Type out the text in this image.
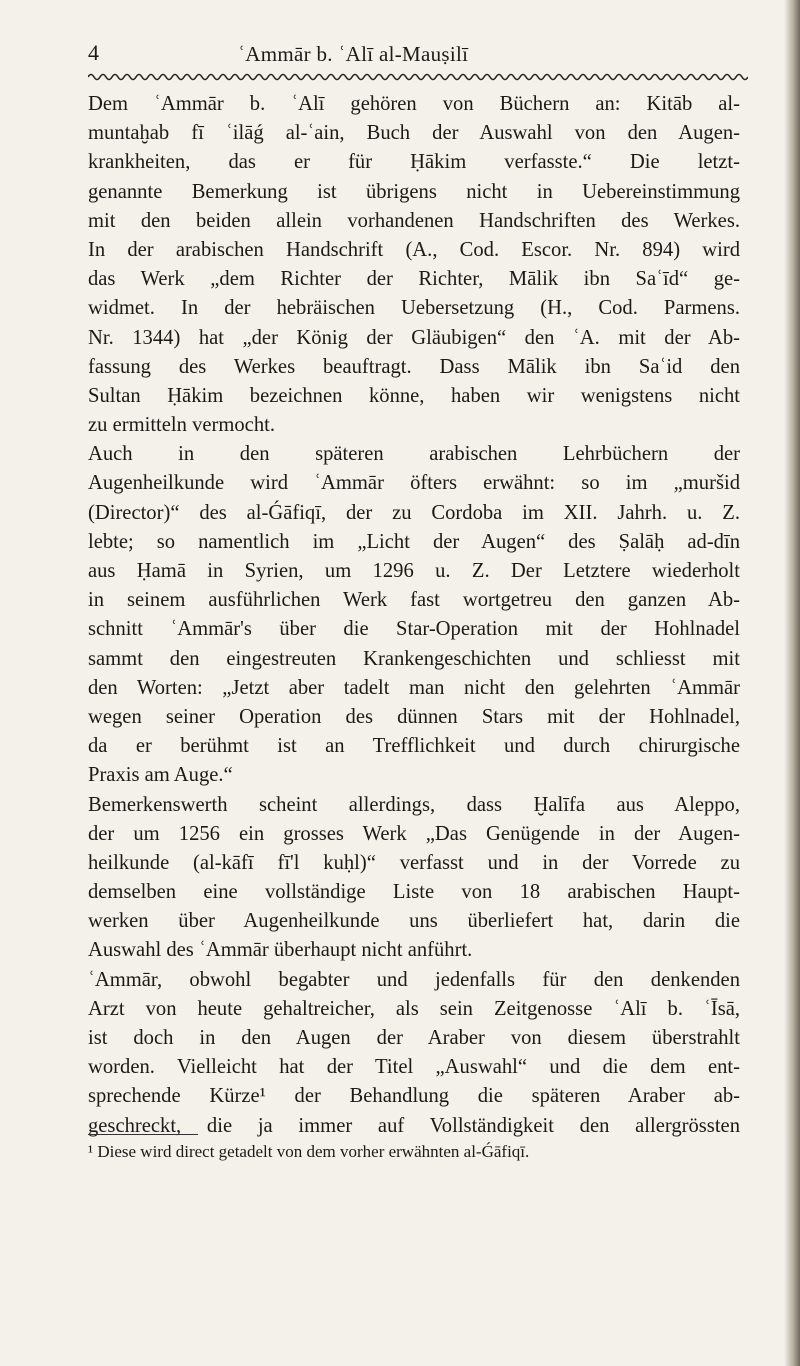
4	ʿAmmār b. ʿAlī al-Mauṣilī
Dem ʿAmmār b. ʿAlī gehören von Büchern an: Kitāb al-
muntaḫab fī ʿilāǵ al-ʿain, Buch der Auswahl von den Augen-
krankheiten, das er für Ḥākim verfasste.“ Die letzt-
genannte Bemerkung ist übrigens nicht in Uebereinstimmung
mit den beiden allein vorhandenen Handschriften des Werkes.
In der arabischen Handschrift (A., Cod. Escor. Nr. 894) wird
das Werk „dem Richter der Richter, Mālik ibn Saʿīd“ ge-
widmet. In der hebräischen Uebersetzung (H., Cod. Parmens.
Nr. 1344) hat „der König der Gläubigen“ den ʿA. mit der Ab-
fassung des Werkes beauftragt. Dass Mālik ibn Saʿid den
Sultan Ḥākim bezeichnen könne, haben wir wenigstens nicht
zu ermitteln vermocht.
Auch in den späteren arabischen Lehrbüchern der
Augenheilkunde wird ʿAmmār öfters erwähnt: so im „muršid
(Director)“ des al-Ǵāfiqī, der zu Cordoba im XII. Jahrh. u. Z.
lebte; so namentlich im „Licht der Augen“ des Ṣalāḥ ad-dīn
aus Ḥamā in Syrien, um 1296 u. Z. Der Letztere wiederholt
in seinem ausführlichen Werk fast wortgetreu den ganzen Ab-
schnitt ʿAmmār's über die Star-Operation mit der Hohlnadel
sammt den eingestreuten Krankengeschichten und schliesst mit
den Worten: „Jetzt aber tadelt man nicht den gelehrten ʿAmmār
wegen seiner Operation des dünnen Stars mit der Hohlnadel,
da er berühmt ist an Trefflichkeit und durch chirurgische
Praxis am Auge.“
Bemerkenswerth scheint allerdings, dass Ḫalīfa aus Aleppo,
der um 1256 ein grosses Werk „Das Genügende in der Augen-
heilkunde (al-kāfī fī'l kuḥl)“ verfasst und in der Vorrede zu
demselben eine vollständige Liste von 18 arabischen Haupt-
werken über Augenheilkunde uns überliefert hat, darin die
Auswahl des ʿAmmār überhaupt nicht anführt.
ʿAmmār, obwohl begabter und jedenfalls für den denkenden
Arzt von heute gehaltreicher, als sein Zeitgenosse ʿAlī b. ʿĪsā,
ist doch in den Augen der Araber von diesem überstrahlt
worden. Vielleicht hat der Titel „Auswahl“ und die dem ent-
sprechende Kürze¹ der Behandlung die späteren Araber ab-
geschreckt, die ja immer auf Vollständigkeit den allergrössten
¹ Diese wird direct getadelt von dem vorher erwähnten al-Ǵāfiqī.
